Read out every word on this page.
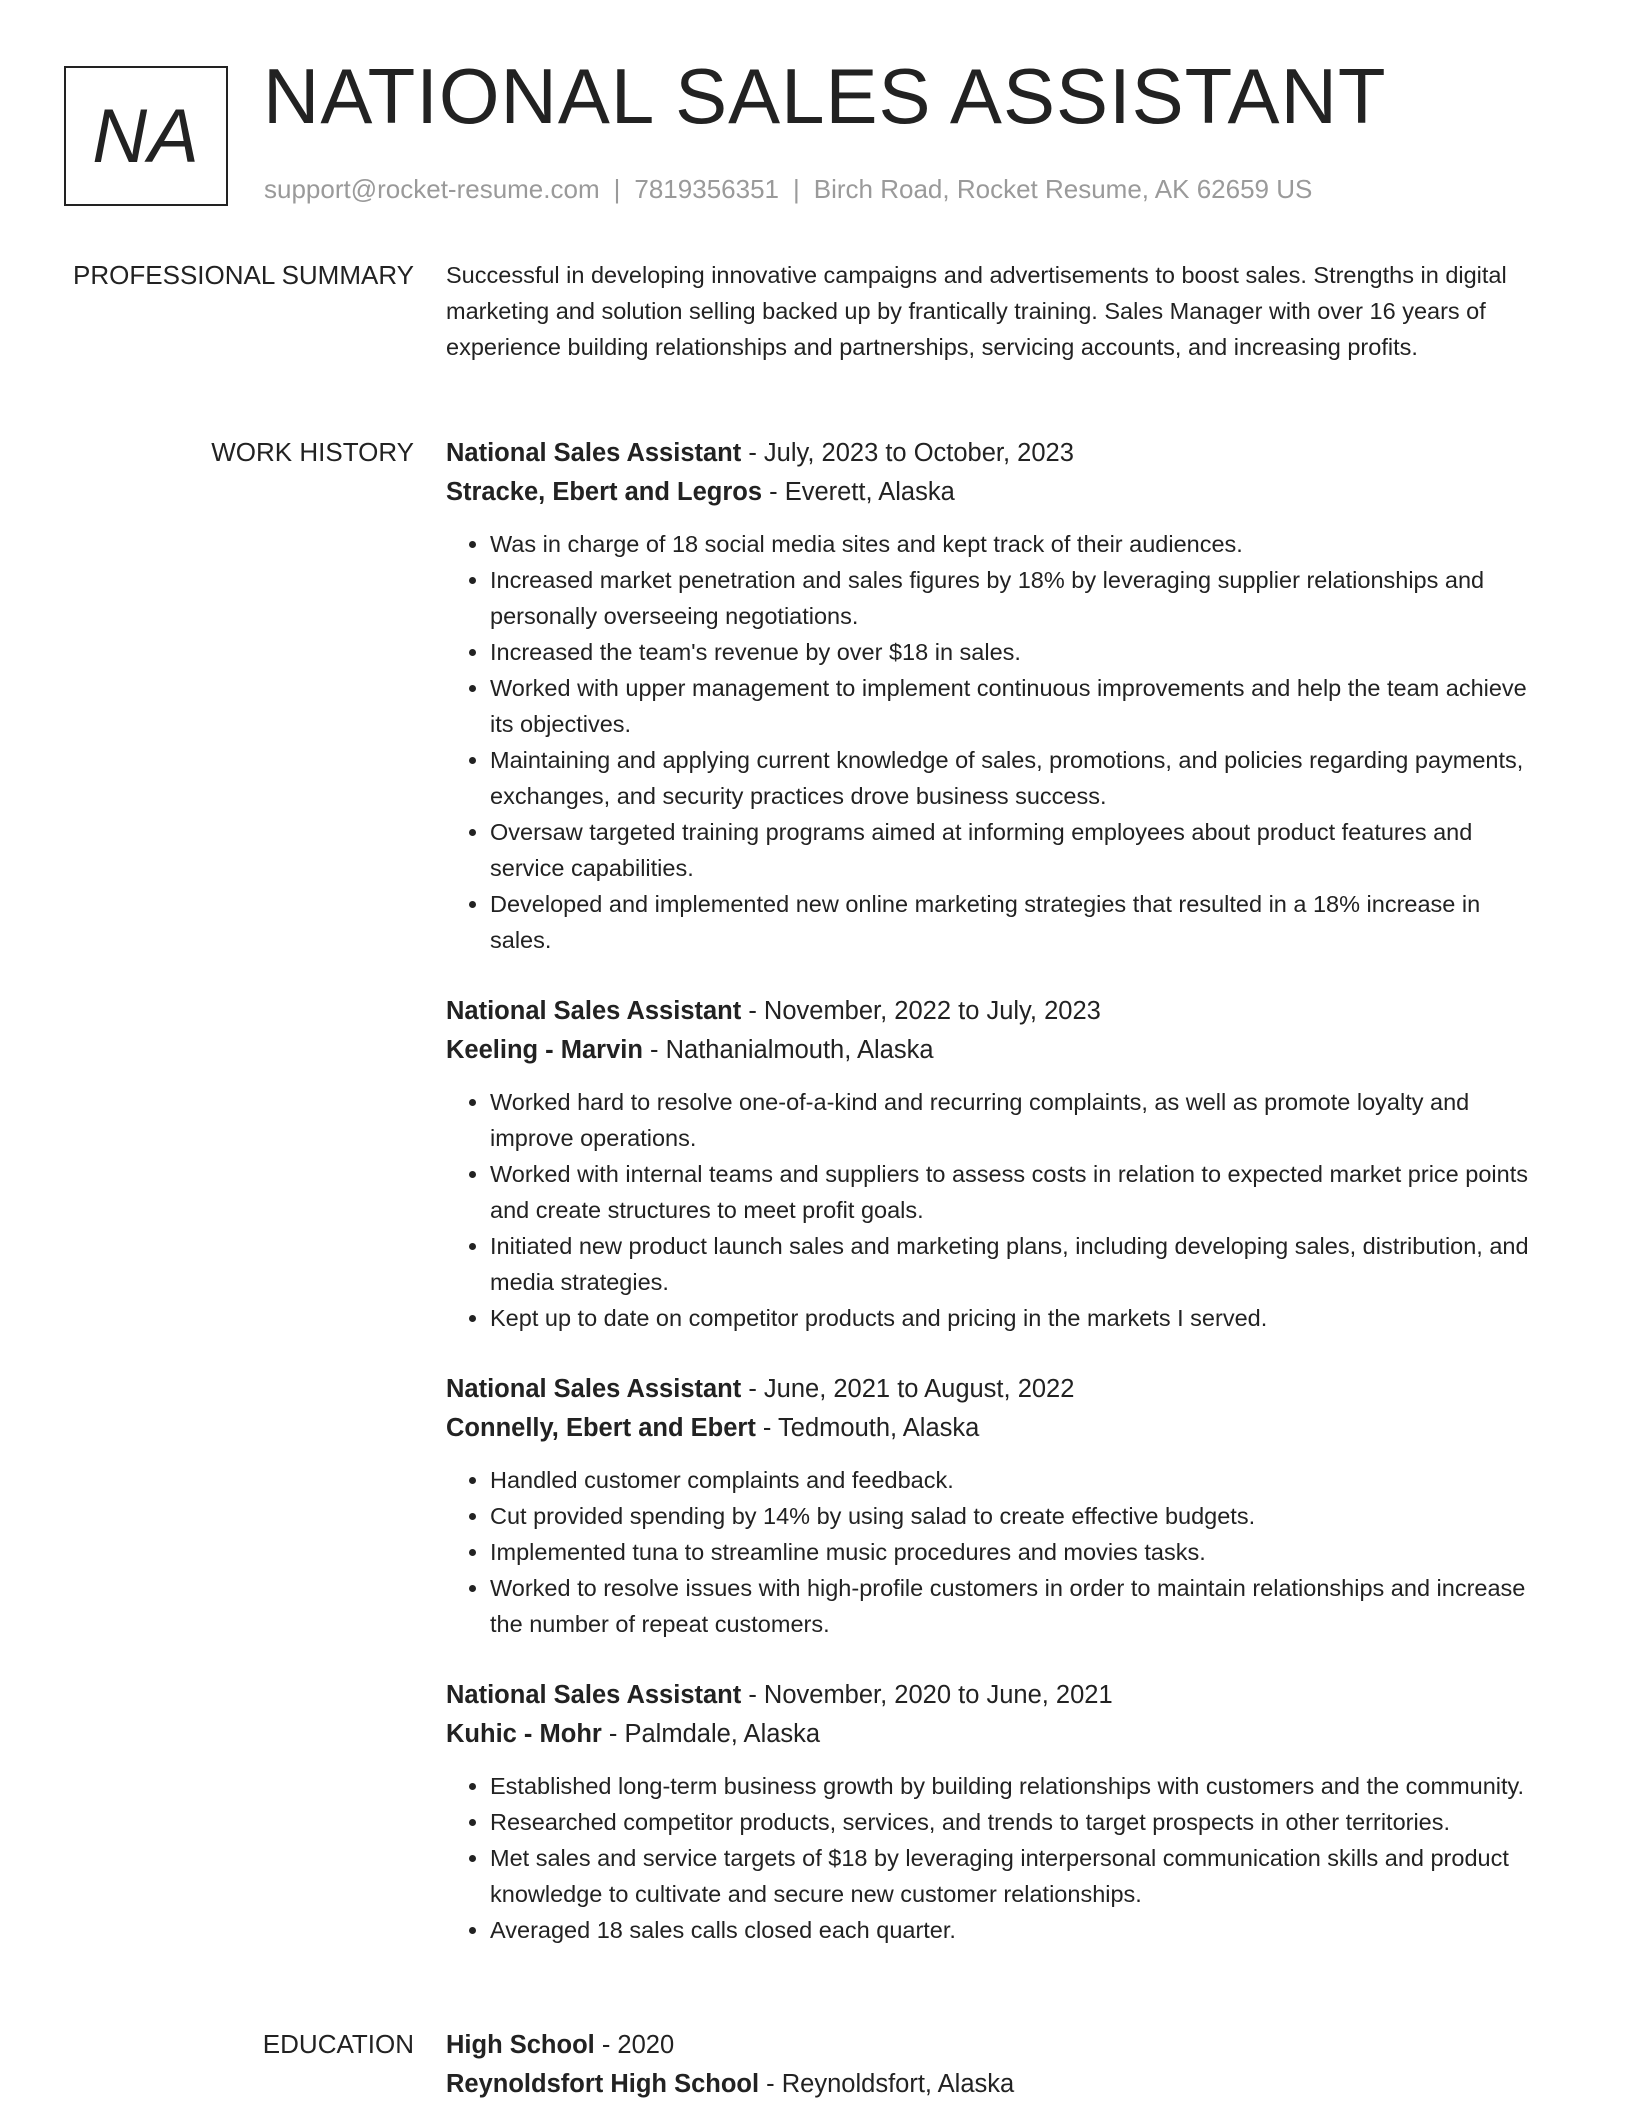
NA NATIONAL SALES ASSISTANT
support@rocket-resume.com | 7819356351 | Birch Road, Rocket Resume, AK 62659 US
PROFESSIONAL SUMMARY Successful in developing innovative campaigns and advertisements to boost sales. Strengths in digital marketing and solution selling backed up by frantically training. Sales Manager with over 16 years of experience building relationships and partnerships, servicing accounts, and increasing profits.

WORK HISTORY National Sales Assistant - July, 2023 to October, 2023
Stracke, Ebert and Legros - Everett, Alaska
• Was in charge of 18 social media sites and kept track of their audiences.
• Increased market penetration and sales figures by 18% by leveraging supplier relationships and personally overseeing negotiations.
• Increased the team's revenue by over $18 in sales.
• Worked with upper management to implement continuous improvements and help the team achieve its objectives.
• Maintaining and applying current knowledge of sales, promotions, and policies regarding payments, exchanges, and security practices drove business success.
• Oversaw targeted training programs aimed at informing employees about product features and service capabilities.
• Developed and implemented new online marketing strategies that resulted in a 18% increase in sales.
National Sales Assistant - November, 2022 to July, 2023
Keeling - Marvin - Nathanialmouth, Alaska
• Worked hard to resolve one-of-a-kind and recurring complaints, as well as promote loyalty and improve operations.
• Worked with internal teams and suppliers to assess costs in relation to expected market price points and create structures to meet profit goals.
• Initiated new product launch sales and marketing plans, including developing sales, distribution, and media strategies.
• Kept up to date on competitor products and pricing in the markets I served.
National Sales Assistant - June, 2021 to August, 2022
Connelly, Ebert and Ebert - Tedmouth, Alaska
• Handled customer complaints and feedback.
• Cut provided spending by 14% by using salad to create effective budgets.
• Implemented tuna to streamline music procedures and movies tasks.
• Worked to resolve issues with high-profile customers in order to maintain relationships and increase the number of repeat customers.
National Sales Assistant - November, 2020 to June, 2021
Kuhic - Mohr - Palmdale, Alaska
• Established long-term business growth by building relationships with customers and the community.
• Researched competitor products, services, and trends to target prospects in other territories.
• Met sales and service targets of $18 by leveraging interpersonal communication skills and product knowledge to cultivate and secure new customer relationships.
• Averaged 18 sales calls closed each quarter.
EDUCATION High School - 2020
Reynoldsfort High School - Reynoldsfort, Alaska
